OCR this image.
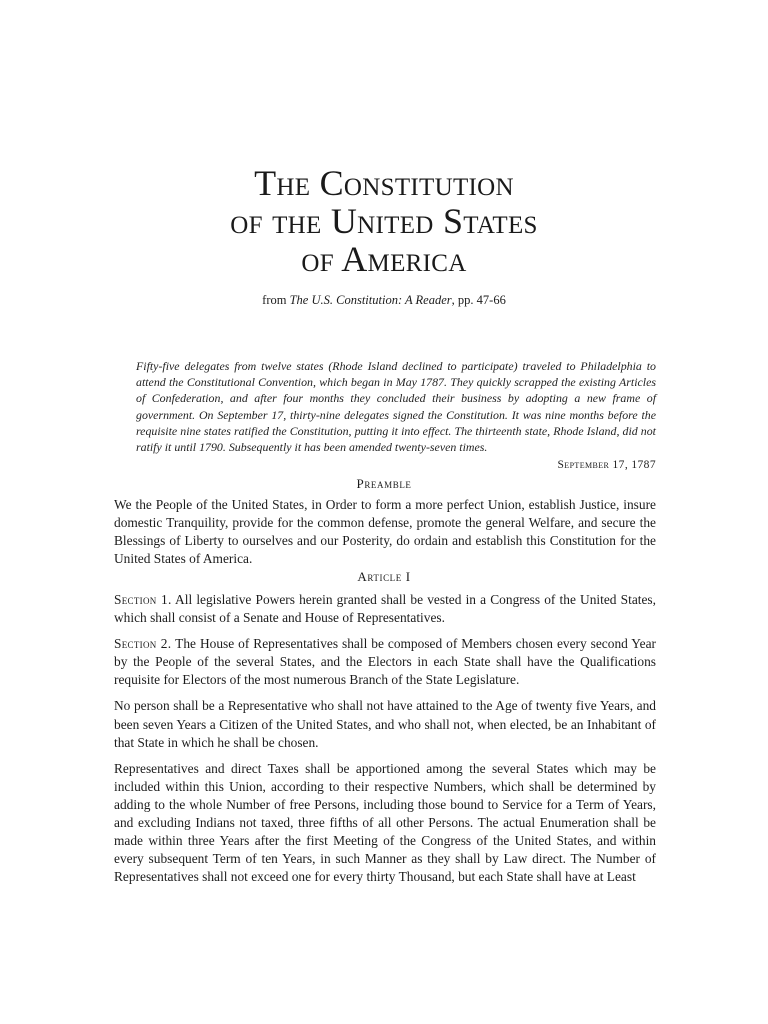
The Constitution
of the United States
of America
from The U.S. Constitution: A Reader, pp. 47-66
Fifty-five delegates from twelve states (Rhode Island declined to participate) traveled to Philadelphia to attend the Constitutional Convention, which began in May 1787. They quickly scrapped the existing Articles of Confederation, and after four months they concluded their business by adopting a new frame of government. On September 17, thirty-nine delegates signed the Constitution. It was nine months before the requisite nine states ratified the Constitution, putting it into effect. The thirteenth state, Rhode Island, did not ratify it until 1790. Subsequently it has been amended twenty-seven times.
September 17, 1787
Preamble
We the People of the United States, in Order to form a more perfect Union, establish Justice, insure domestic Tranquility, provide for the common defense, promote the general Welfare, and secure the Blessings of Liberty to ourselves and our Posterity, do ordain and establish this Constitution for the United States of America.
Article I

Section 1. All legislative Powers herein granted shall be vested in a Congress of the United States, which shall consist of a Senate and House of Representatives.

Section 2. The House of Representatives shall be composed of Members chosen every second Year by the People of the several States, and the Electors in each State shall have the Qualifications requisite for Electors of the most numerous Branch of the State Legislature.

No person shall be a Representative who shall not have attained to the Age of twenty five Years, and been seven Years a Citizen of the United States, and who shall not, when elected, be an Inhabitant of that State in which he shall be chosen.

Representatives and direct Taxes shall be apportioned among the several States which may be included within this Union, according to their respective Numbers, which shall be determined by adding to the whole Number of free Persons, including those bound to Service for a Term of Years, and excluding Indians not taxed, three fifths of all other Persons. The actual Enumeration shall be made within three Years after the first Meeting of the Congress of the United States, and within every subsequent Term of ten Years, in such Manner as they shall by Law direct. The Number of Representatives shall not exceed one for every thirty Thousand, but each State shall have at Least
